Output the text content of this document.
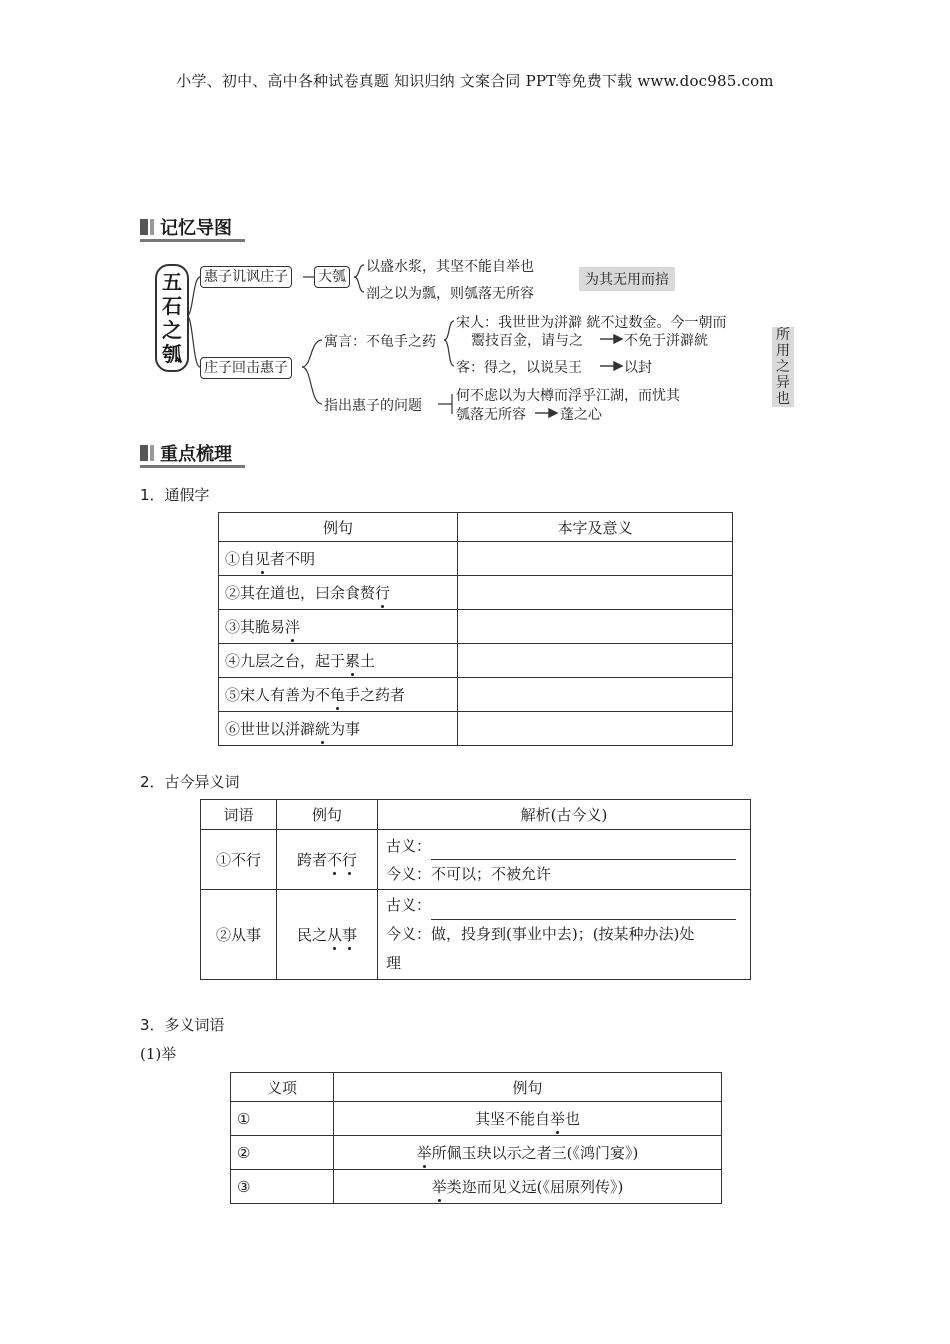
小学、初中、高中各种试卷真题 知识归纳 文案合同 PPT等免费下载 www.doc985.com
记忆导图
五
石
之
瓠
惠子讥讽庄子 大瓠
以盛水浆，其坚不能自举也
剖之以为瓢，则瓠落无所容
为其无用而掊
庄子回击惠子
寓言：不龟手之药
宋人：我世世为洴澼 絖不过数金。今一朝而
鬻技百金，请与之	不免于洴澼絖
客：得之，以说吴王	以封
指出惠子的问题
何不虑以为大樽而浮乎江湖，而忧其
瓠落无所容 蓬之心
所
用
之
异
也
重点梳理
1．通假字
例句	本字及意义
①自见者不明	
②其在道也，曰余食赘行	
③其脆易泮	
④九层之台，起于累土	
⑤宋人有善为不龟手之药者	
⑥世世以洴澼絖为事	
2．古今异义词
词语	例句	解析(古今义)
①不行	跨者不行	古义：
今义：不可以；不被允许

②从事	民之从事	古义：
今义：做，投身到(事业中去)；(按某种办法)处
理
3．多义词语
(1)举
义项	例句
①	其坚不能自举也
②	举所佩玉玦以示之者三(《鸿门宴》)
③	举类迩而见义远(《屈原列传》)
